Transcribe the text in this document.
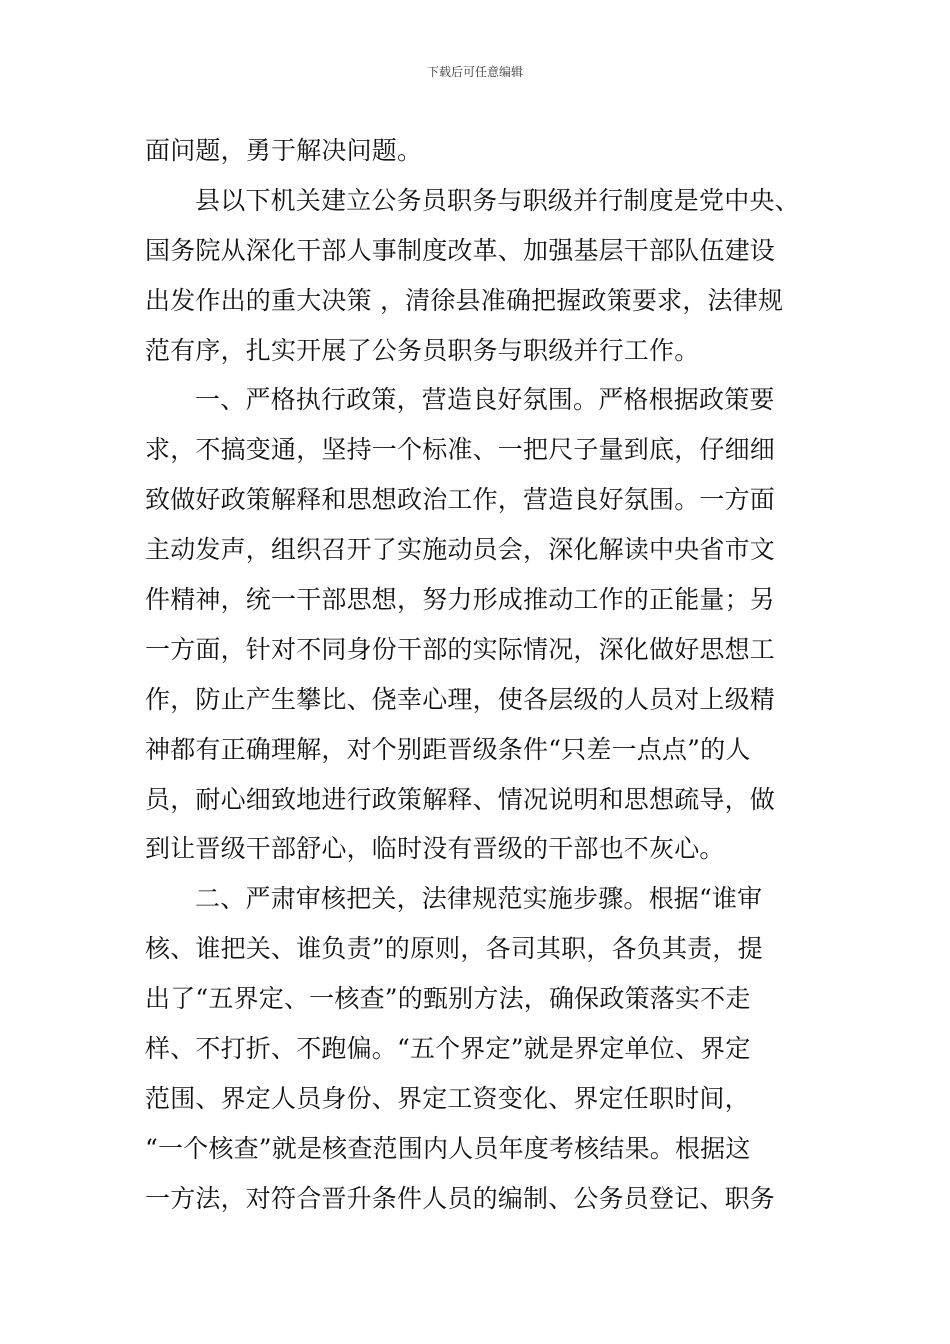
下载后可任意编辑
面问题，勇于解决问题。
县以下机关建立公务员职务与职级并行制度是党中央、
国务院从深化干部人事制度改革、加强基层干部队伍建设
出发作出的重大决策 ，清徐县准确把握政策要求，法律规
范有序，扎实开展了公务员职务与职级并行工作。
一、严格执行政策，营造良好氛围。严格根据政策要
求，不搞变通，坚持一个标准、一把尺子量到底，仔细细
致做好政策解释和思想政治工作，营造良好氛围。一方面
主动发声，组织召开了实施动员会，深化解读中央省市文
件精神，统一干部思想，努力形成推动工作的正能量；另
一方面，针对不同身份干部的实际情况，深化做好思想工
作，防止产生攀比、侥幸心理，使各层级的人员对上级精
神都有正确理解，对个别距晋级条件“只差一点点”的人
员，耐心细致地进行政策解释、情况说明和思想疏导，做
到让晋级干部舒心，临时没有晋级的干部也不灰心。
二、严肃审核把关，法律规范实施步骤。根据“谁审
核、谁把关、谁负责”的原则，各司其职，各负其责，提
出了“五界定、一核查”的甄别方法，确保政策落实不走
样、不打折、不跑偏。“五个界定”就是界定单位、界定
范围、界定人员身份、界定工资变化、界定任职时间，
“一个核查”就是核查范围内人员年度考核结果。根据这
一方法，对符合晋升条件人员的编制、公务员登记、职务
